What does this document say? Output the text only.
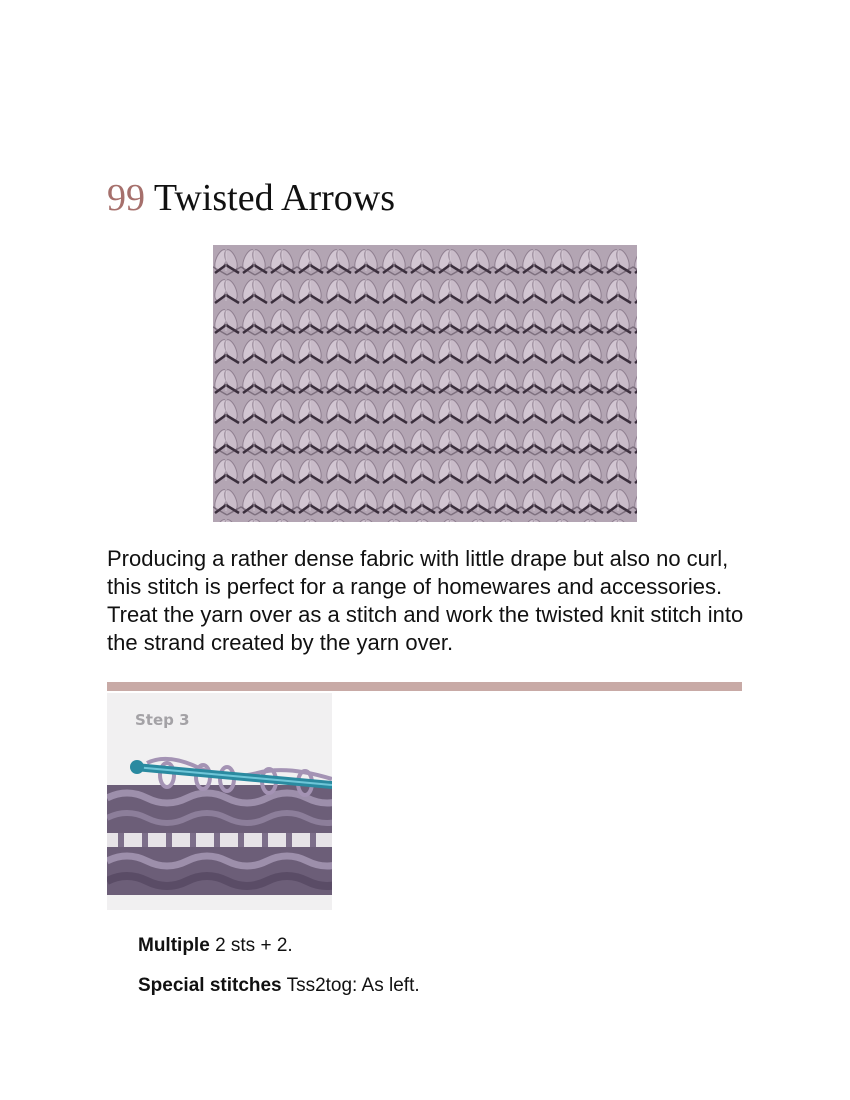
99 Twisted Arrows

Producing a rather dense fabric with little drape but also no curl, this stitch is perfect for a range of homewares and accessories. Treat the yarn over as a stitch and work the twisted knit stitch into the strand created by the yarn over.

Step 3

Multiple 2 sts + 2.

Special stitches Tss2tog: As left.
